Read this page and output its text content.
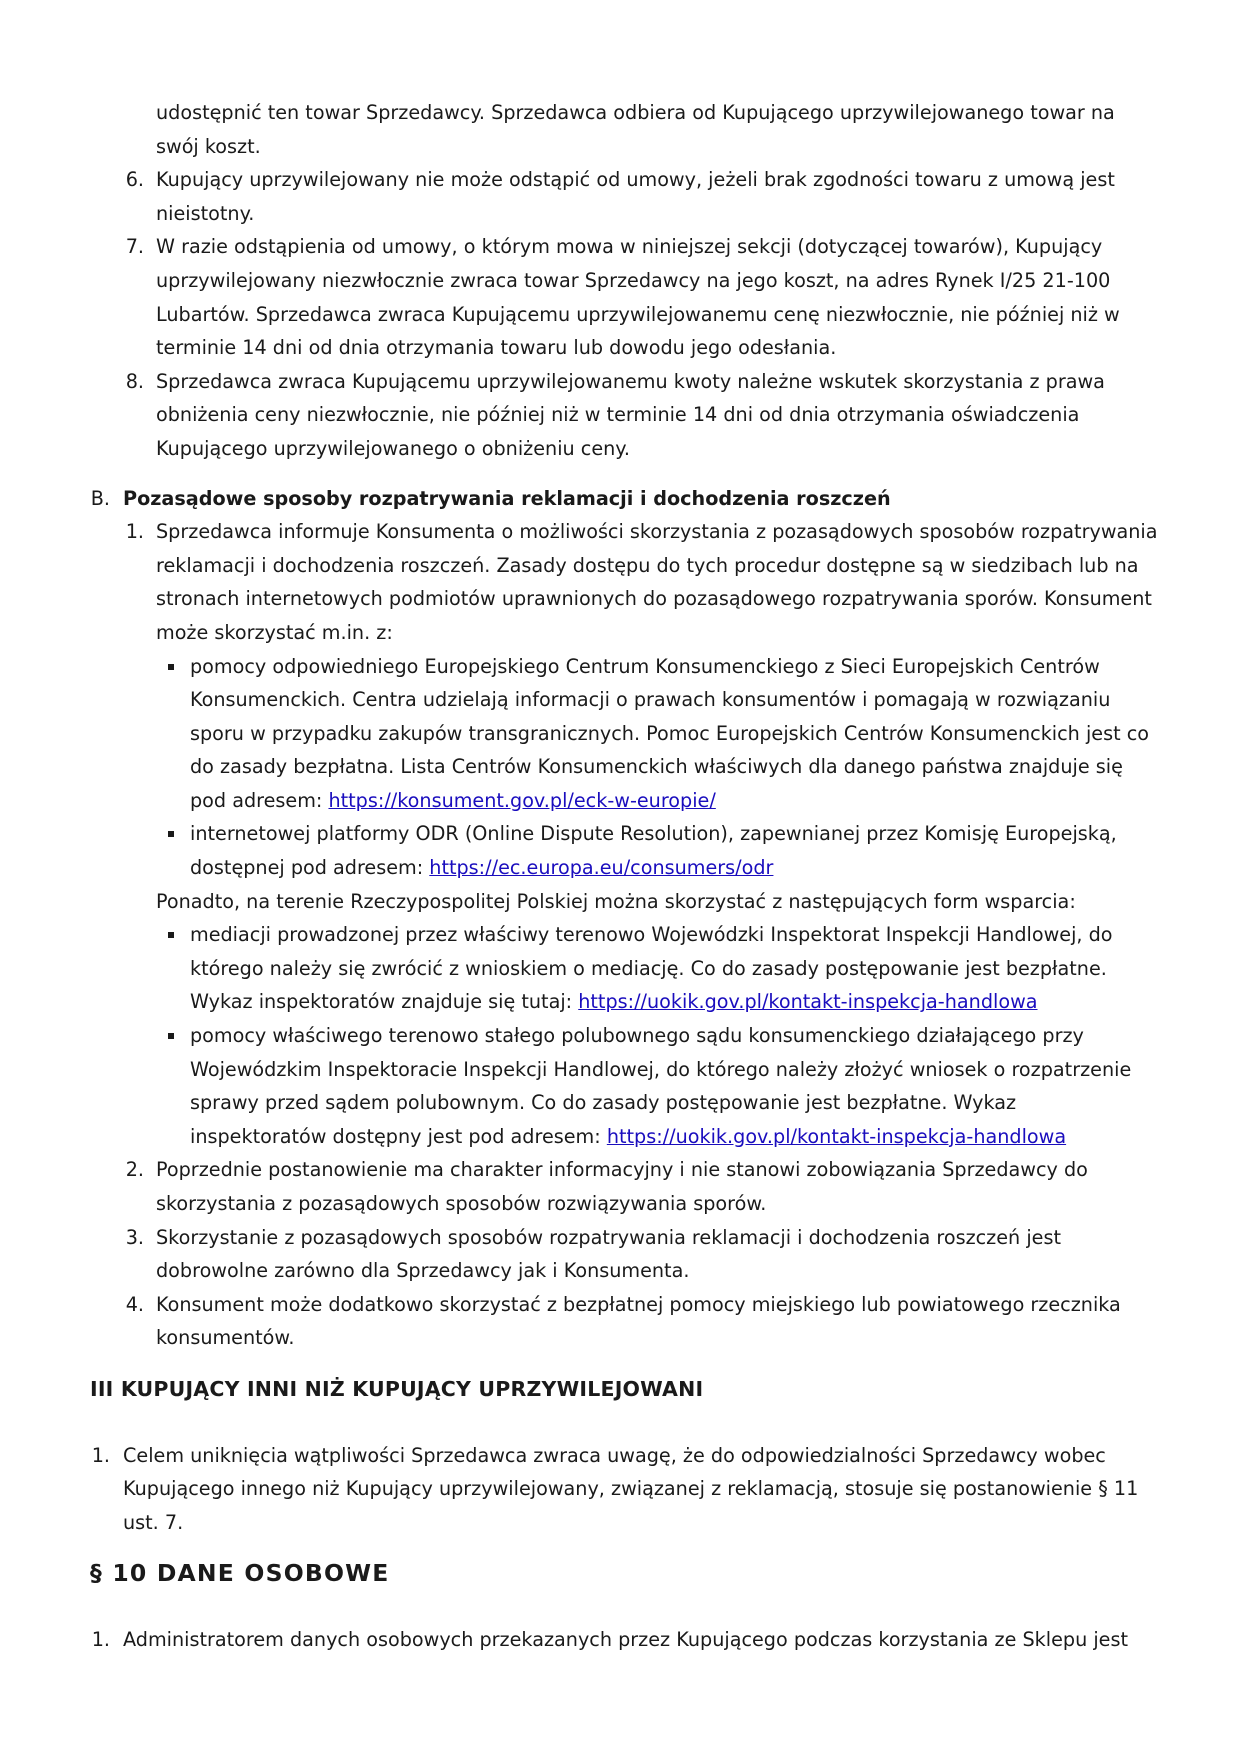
udostępnić ten towar Sprzedawcy. Sprzedawca odbiera od Kupującego uprzywilejowanego towar na swój koszt.

6. Kupujący uprzywilejowany nie może odstąpić od umowy, jeżeli brak zgodności towaru z umową jest nieistotny.
7. W razie odstąpienia od umowy, o którym mowa w niniejszej sekcji (dotyczącej towarów), Kupujący uprzywilejowany niezwłocznie zwraca towar Sprzedawcy na jego koszt, na adres Rynek I/25 21-100 Lubartów. Sprzedawca zwraca Kupującemu uprzywilejowanemu cenę niezwłocznie, nie później niż w terminie 14 dni od dnia otrzymania towaru lub dowodu jego odesłania.
8. Sprzedawca zwraca Kupującemu uprzywilejowanemu kwoty należne wskutek skorzystania z prawa obniżenia ceny niezwłocznie, nie później niż w terminie 14 dni od dnia otrzymania oświadczenia Kupującego uprzywilejowanego o obniżeniu ceny.
B. Pozasądowe sposoby rozpatrywania reklamacji i dochodzenia roszczeń
1. Sprzedawca informuje Konsumenta o możliwości skorzystania z pozasądowych sposobów rozpatrywania reklamacji i dochodzenia roszczeń. Zasady dostępu do tych procedur dostępne są w siedzibach lub na stronach internetowych podmiotów uprawnionych do pozasądowego rozpatrywania sporów. Konsument może skorzystać m.in. z:
pomocy odpowiedniego Europejskiego Centrum Konsumenckiego z Sieci Europejskich Centrów Konsumenckich. Centra udzielają informacji o prawach konsumentów i pomagają w rozwiązaniu sporu w przypadku zakupów transgranicznych. Pomoc Europejskich Centrów Konsumenckich jest co do zasady bezpłatna. Lista Centrów Konsumenckich właściwych dla danego państwa znajduje się pod adresem: https://konsument.gov.pl/eck-w-europie/
internetowej platformy ODR (Online Dispute Resolution), zapewnianej przez Komisję Europejską, dostępnej pod adresem: https://ec.europa.eu/consumers/odr

Ponadto, na terenie Rzeczypospolitej Polskiej można skorzystać z następujących form wsparcia:

mediacji prowadzonej przez właściwy terenowo Wojewódzki Inspektorat Inspekcji Handlowej, do którego należy się zwrócić z wnioskiem o mediację. Co do zasady postępowanie jest bezpłatne. Wykaz inspektoratów znajduje się tutaj: https://uokik.gov.pl/kontakt-inspekcja-handlowa
pomocy właściwego terenowo stałego polubownego sądu konsumenckiego działającego przy Wojewódzkim Inspektoracie Inspekcji Handlowej, do którego należy złożyć wniosek o rozpatrzenie sprawy przed sądem polubownym. Co do zasady postępowanie jest bezpłatne. Wykaz inspektoratów dostępny jest pod adresem: https://uokik.gov.pl/kontakt-inspekcja-handlowa
2. Poprzednie postanowienie ma charakter informacyjny i nie stanowi zobowiązania Sprzedawcy do skorzystania z pozasądowych sposobów rozwiązywania sporów.
3. Skorzystanie z pozasądowych sposobów rozpatrywania reklamacji i dochodzenia roszczeń jest dobrowolne zarówno dla Sprzedawcy jak i Konsumenta.
4. Konsument może dodatkowo skorzystać z bezpłatnej pomocy miejskiego lub powiatowego rzecznika konsumentów.
III KUPUJĄCY INNI NIŻ KUPUJĄCY UPRZYWILEJOWANI
1. Celem uniknięcia wątpliwości Sprzedawca zwraca uwagę, że do odpowiedzialności Sprzedawcy wobec Kupującego innego niż Kupujący uprzywilejowany, związanej z reklamacją, stosuje się postanowienie § 11 ust. 7.
§ 10 DANE OSOBOWE
1. Administratorem danych osobowych przekazanych przez Kupującego podczas korzystania ze Sklepu jest
